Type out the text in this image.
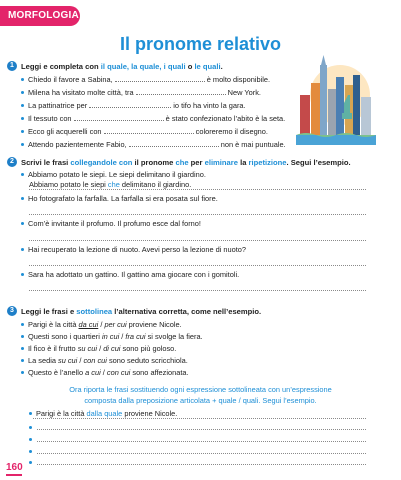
MORFOLOGIA
Il pronome relativo
1 Leggi e completa con il quale, la quale, i quali o le quali.
Chiedo il favore a Sabina,	è molto disponibile.
Milena ha visitato molte città, tra	New York.
La pattinatrice per	io tifo ha vinto la gara.
Il tessuto con	è stato confezionato l’abito è la seta.
Ecco gli acquerelli con	coloreremo il disegno.
Attendo pazientemente Fabio,	non è mai puntuale.
2 Scrivi le frasi collegandole con il pronome che per eliminare la ripetizione. Segui l’esempio.
Abbiamo potato le siepi. Le siepi delimitano il giardino.
Abbiamo potato le siepi che delimitano il giardino.
Ho fotografato la farfalla. La farfalla si era posata sul fiore.
Com’è invitante il profumo. Il profumo esce dal forno!
Hai recuperato la lezione di nuoto. Avevi perso la lezione di nuoto?
Sara ha adottato un gattino. Il gattino ama giocare con i gomitoli.
3 Leggi le frasi e sottolinea l’alternativa corretta, come nell’esempio.
Parigi è la città da cui / per cui proviene Nicole.
Questi sono i quartieri in cui / fra cui si svolge la fiera.
Il fico è il frutto su cui / di cui sono più goloso.
La sedia su cui / con cui sono seduto scricchiola.
Questo è l’anello a cui / con cui sono affezionata.
Ora riporta le frasi sostituendo ogni espressione sottolineata con un’espressione
composta dalla preposizione articolata + quale / quali. Segui l’esempio.
Parigi è la città dalla quale proviene Nicole.
160
